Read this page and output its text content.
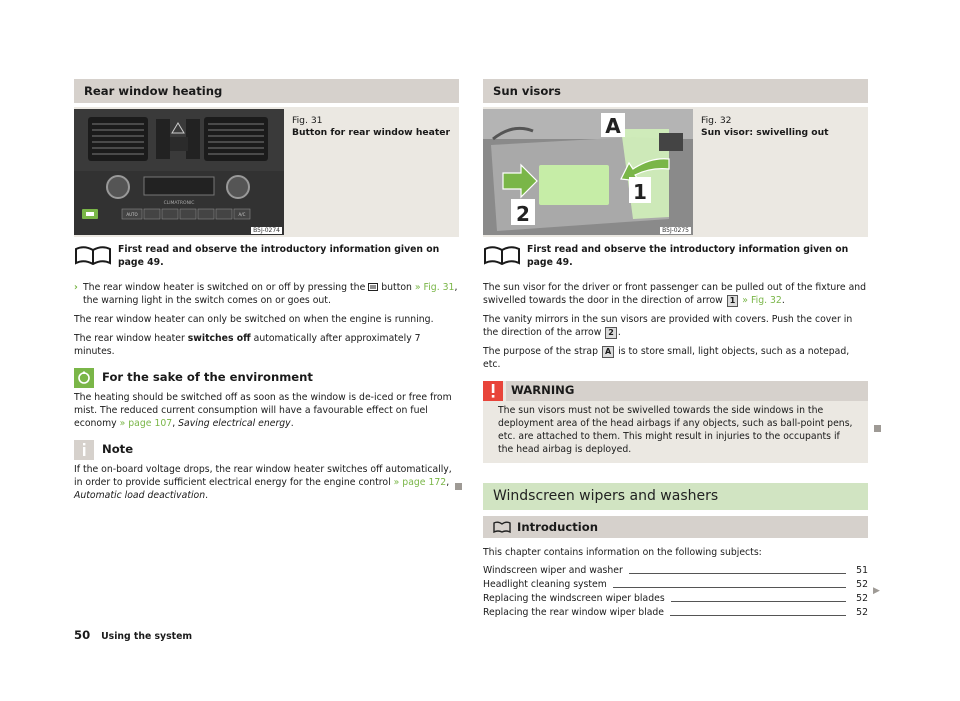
Rear window heating
CLIMATRONIC
AUTO	A/C
B5J-0274
Fig. 31
Button for rear window heater
First read and observe the introductory information given on page 49.

› The rear window heater is switched on or off by pressing the button » Fig. 31, the warning light in the switch comes on or goes out.

The rear window heater can only be switched on when the engine is running.

The rear window heater switches off automatically after approximately 7 minutes.

For the sake of the environment

The heating should be switched off as soon as the window is de-iced or free from mist. The reduced current consumption will have a favourable effect on fuel economy » page 107, Saving electrical energy.

Note

If the on-board voltage drops, the rear window heater switches off automatically, in order to provide sufficient electrical energy for the engine control » page 172, Automatic load deactivation.

Sun visors
A
1
2
B5J-0275
Fig. 32
Sun visor: swivelling out
First read and observe the introductory information given on page 49.

The sun visor for the driver or front passenger can be pulled out of the fixture and swivelled towards the door in the direction of arrow 1 » Fig. 32.

The vanity mirrors in the sun visors are provided with covers. Push the cover in the direction of the arrow 2 .

The purpose of the strap A is to store small, light objects, such as a notepad, etc.

WARNING
The sun visors must not be swivelled towards the side windows in the deployment area of the head airbags if any objects, such as ball-point pens, etc. are attached to them. This might result in injuries to the occupants if the head airbag is deployed.
Windscreen wipers and washers
Introduction

This chapter contains information on the following subjects:

Windscreen wiper and washer	51
Headlight cleaning system	52
Replacing the windscreen wiper blades	52
Replacing the rear window wiper blade	52
▶
50 Using the system
